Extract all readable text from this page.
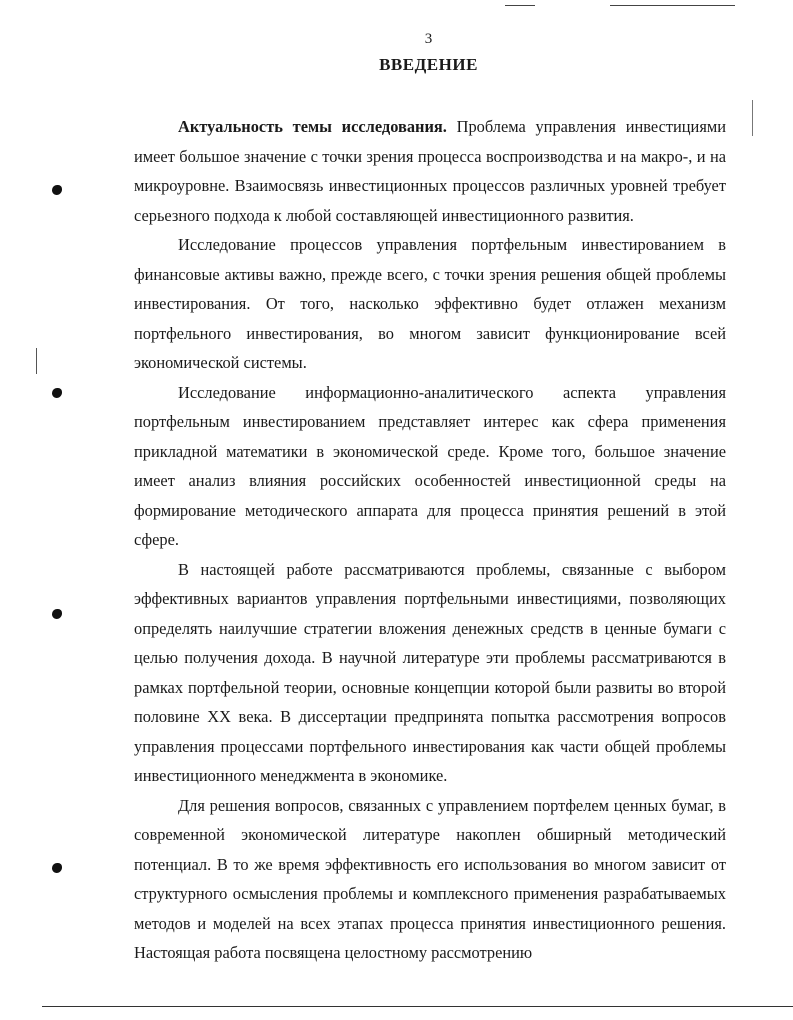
3
ВВЕДЕНИЕ

Актуальность темы исследования. Проблема управления инвестициями имеет большое значение с точки зрения процесса воспроизводства и на макро-, и на микроуровне. Взаимосвязь инвестиционных процессов различных уровней требует серьезного подхода к любой составляющей инвестиционного развития.

Исследование процессов управления портфельным инвестированием в финансовые активы важно, прежде всего, с точки зрения решения общей проблемы инвестирования. От того, насколько эффективно будет отлажен механизм портфельного инвестирования, во многом зависит функционирование всей экономической системы.

Исследование информационно-аналитического аспекта управления портфельным инвестированием представляет интерес как сфера применения прикладной математики в экономической среде. Кроме того, большое значение имеет анализ влияния российских особенностей инвестиционной среды на формирование методического аппарата для процесса принятия решений в этой сфере.

В настоящей работе рассматриваются проблемы, связанные с выбором эффективных вариантов управления портфельными инвестициями, позволяющих определять наилучшие стратегии вложения денежных средств в ценные бумаги с целью получения дохода. В научной литературе эти проблемы рассматриваются в рамках портфельной теории, основные концепции которой были развиты во второй половине XX века. В диссертации предпринята попытка рассмотрения вопросов управления процессами портфельного инвестирования как части общей проблемы инвестиционного менеджмента в экономике.

Для решения вопросов, связанных с управлением портфелем ценных бумаг, в современной экономической литературе накоплен обширный методический потенциал. В то же время эффективность его использования во многом зависит от структурного осмысления проблемы и комплексного применения разрабатываемых методов и моделей на всех этапах процесса принятия инвестиционного решения. Настоящая работа посвящена целостному рассмотрению
